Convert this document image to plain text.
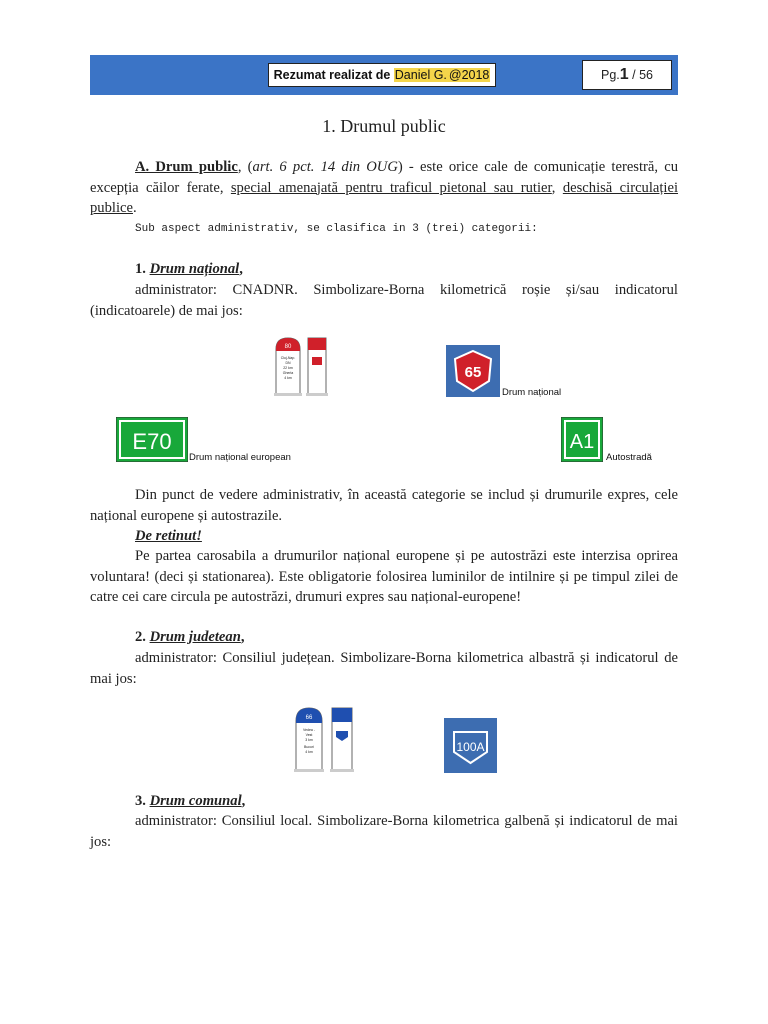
Rezumat realizat de Daniel G. @2018	Pg.1 / 56
1. Drumul public
A. Drum public, (art. 6 pct. 14 din OUG) - este orice cale de comunicație terestră, cu excepția căilor ferate, special amenajată pentru traficul pietonal sau rutier, deschisă circulației publice.
Sub aspect administrativ, se clasifica in 3 (trei) categorii:
1. Drum național,
administrator: CNADNR. Simbolizare-Borna kilometrică roșie și/sau indicatorul (indicatoarele) de mai jos:
80
Cluj-Nap.
DN
22 km
Gherla
4 km	65
Drum național
E70
Drum național european
A1
Autostradă
Din punct de vedere administrativ, în această categorie se includ și drumurile expres, cele național europene și autostrazile.
De retinut!
Pe partea carosabila a drumurilor național europene și pe autostrăzi este interzisa oprirea voluntara! (deci și stationarea). Este obligatorie folosirea luminilor de intilnire și pe timpul zilei de catre cei care circula pe autostrăzi, drumuri expres sau național-europene!
2. Drum judetean,
administrator: Consiliul județean. Simbolizare-Borna kilometrica albastră și indicatorul de mai jos:
66
Vedea -
Vest
3 km
Bucuri
4 km	100A
3. Drum comunal,
administrator: Consiliul local. Simbolizare-Borna kilometrica galbenă și indicatorul de mai jos:
